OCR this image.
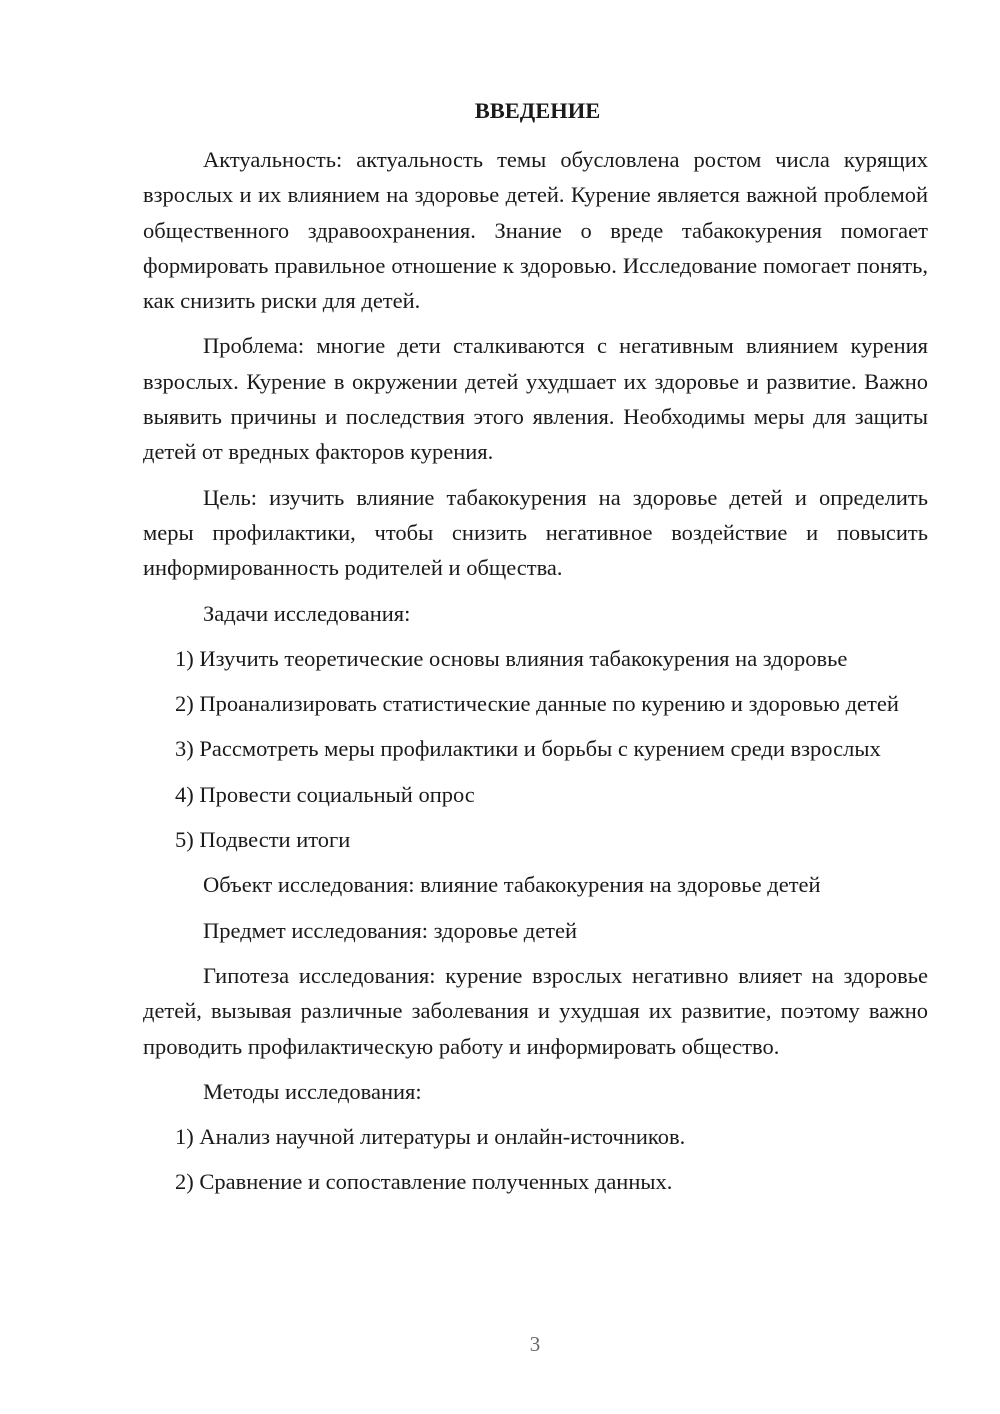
ВВЕДЕНИЕ

Актуальность: актуальность темы обусловлена ростом числа курящих взрослых и их влиянием на здоровье детей. Курение является важной проблемой общественного здравоохранения. Знание о вреде табакокурения помогает формировать правильное отношение к здоровью. Исследование помогает понять, как снизить риски для детей.

Проблема: многие дети сталкиваются с негативным влиянием курения взрослых. Курение в окружении детей ухудшает их здоровье и развитие. Важно выявить причины и последствия этого явления. Необходимы меры для защиты детей от вредных факторов курения.

Цель: изучить влияние табакокурения на здоровье детей и определить меры профилактики, чтобы снизить негативное воздействие и повысить информированность родителей и общества.

Задачи исследования:

1) Изучить теоретические основы влияния табакокурения на здоровье

2) Проанализировать статистические данные по курению и здоровью детей

3) Рассмотреть меры профилактики и борьбы с курением среди взрослых

4) Провести социальный опрос

5) Подвести итоги

Объект исследования: влияние табакокурения на здоровье детей

Предмет исследования: здоровье детей

Гипотеза исследования: курение взрослых негативно влияет на здоровье детей, вызывая различные заболевания и ухудшая их развитие, поэтому важно проводить профилактическую работу и информировать общество.

Методы исследования:

1) Анализ научной литературы и онлайн-источников.

2) Сравнение и сопоставление полученных данных.

3
